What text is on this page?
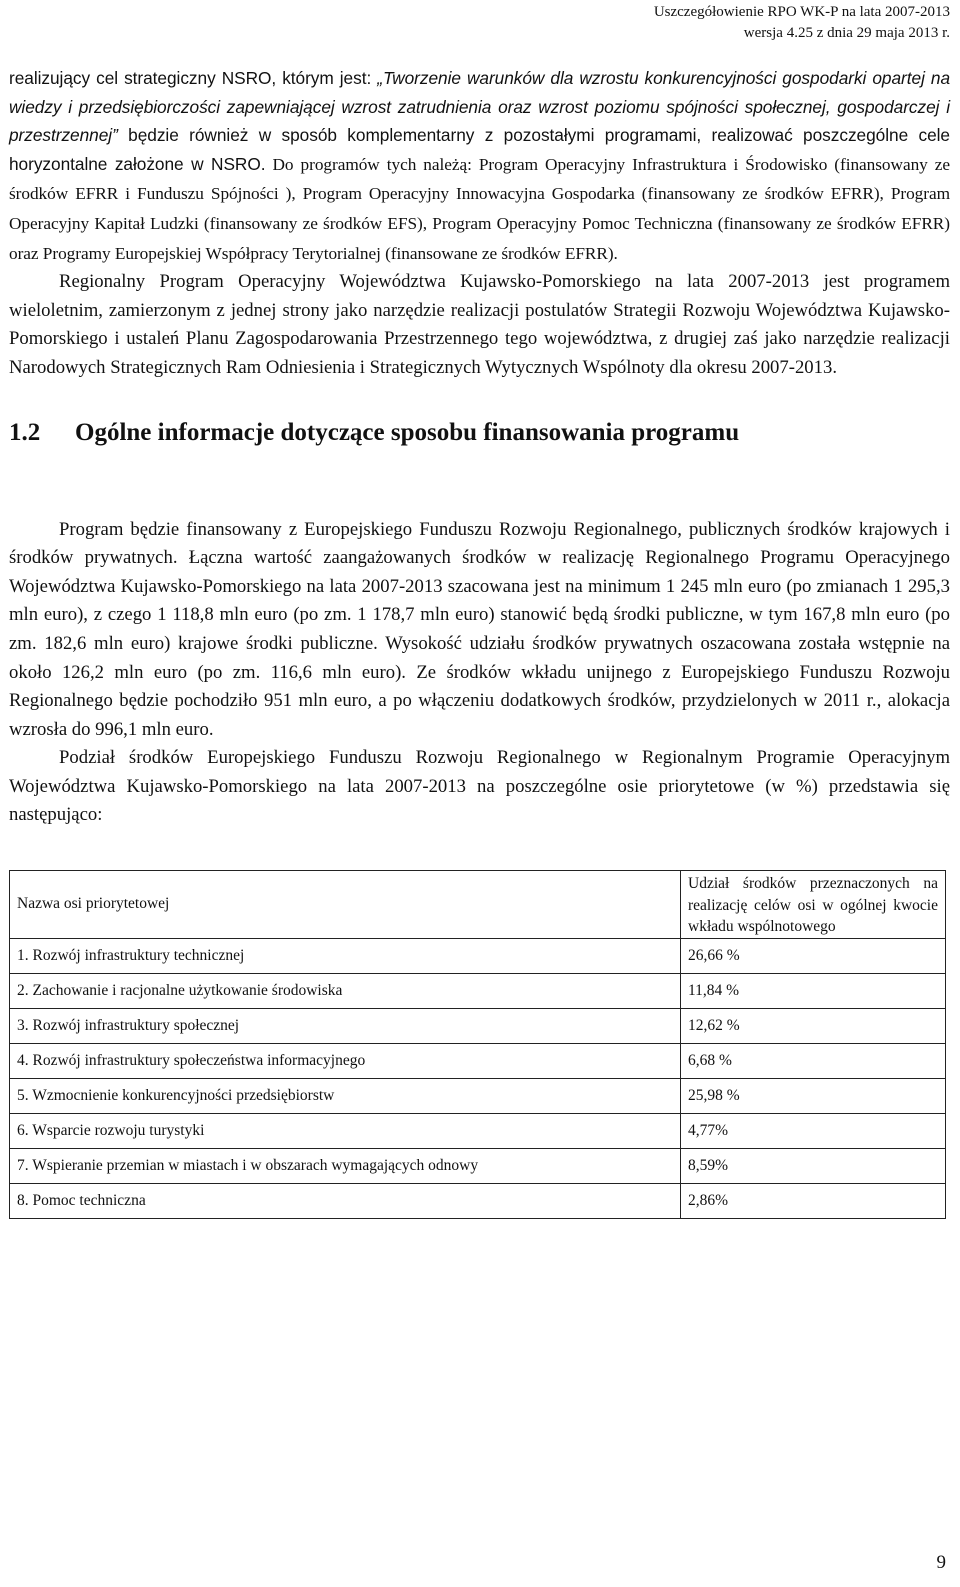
Uszczegółowienie RPO WK-P na lata 2007-2013
wersja 4.25 z dnia 29 maja 2013 r.

realizujący cel strategiczny NSRO, którym jest: „Tworzenie warunków dla wzrostu konkurencyjności gospodarki opartej na wiedzy i przedsiębiorczości zapewniającej wzrost zatrudnienia oraz wzrost poziomu spójności społecznej, gospodarczej i przestrzennej” będzie również w sposób komplementarny z pozostałymi programami, realizować poszczególne cele horyzontalne założone w NSRO. Do programów tych należą: Program Operacyjny Infrastruktura i Środowisko (finansowany ze środków EFRR i Funduszu Spójności ), Program Operacyjny Innowacyjna Gospodarka (finansowany ze środków EFRR), Program Operacyjny Kapitał Ludzki (finansowany ze środków EFS), Program Operacyjny Pomoc Techniczna (finansowany ze środków EFRR) oraz Programy Europejskiej Współpracy Terytorialnej (finansowane ze środków EFRR).

Regionalny Program Operacyjny Województwa Kujawsko-Pomorskiego na lata 2007-2013 jest programem wieloletnim, zamierzonym z jednej strony jako narzędzie realizacji postulatów Strategii Rozwoju Województwa Kujawsko-Pomorskiego i ustaleń Planu Zagospodarowania Przestrzennego tego województwa, z drugiej zaś jako narzędzie realizacji Narodowych Strategicznych Ram Odniesienia i Strategicznych Wytycznych Wspólnoty dla okresu 2007-2013.

1.2	Ogólne informacje dotyczące sposobu finansowania programu

Program będzie finansowany z Europejskiego Funduszu Rozwoju Regionalnego, publicznych środków krajowych i środków prywatnych. Łączna wartość zaangażowanych środków w realizację Regionalnego Programu Operacyjnego Województwa Kujawsko-Pomorskiego na lata 2007-2013 szacowana jest na minimum 1 245 mln euro (po zmianach 1 295,3 mln euro), z czego 1 118,8 mln euro (po zm. 1 178,7 mln euro) stanowić będą środki publiczne, w tym 167,8 mln euro (po zm. 182,6 mln euro) krajowe środki publiczne. Wysokość udziału środków prywatnych oszacowana została wstępnie na około 126,2 mln euro (po zm. 116,6 mln euro). Ze środków wkładu unijnego z Europejskiego Funduszu Rozwoju Regionalnego będzie pochodziło 951 mln euro, a po włączeniu dodatkowych środków, przydzielonych w 2011 r., alokacja wzrosła do 996,1 mln euro.

Podział środków Europejskiego Funduszu Rozwoju Regionalnego w Regionalnym Programie Operacyjnym Województwa Kujawsko-Pomorskiego na lata 2007-2013 na poszczególne osie priorytetowe (w %) przedstawia się następująco:

Nazwa osi priorytetowej	Udział środków przeznaczonych na realizację celów osi w ogólnej kwocie wkładu wspólnotowego
1. Rozwój infrastruktury technicznej	26,66 %
2. Zachowanie i racjonalne użytkowanie środowiska	11,84 %
3. Rozwój infrastruktury społecznej	12,62 %
4. Rozwój infrastruktury społeczeństwa informacyjnego	6,68 %
5. Wzmocnienie konkurencyjności przedsiębiorstw	25,98 %
6. Wsparcie rozwoju turystyki	4,77%
7. Wspieranie przemian w miastach i w obszarach wymagających odnowy	8,59%
8. Pomoc techniczna	2,86%
9
